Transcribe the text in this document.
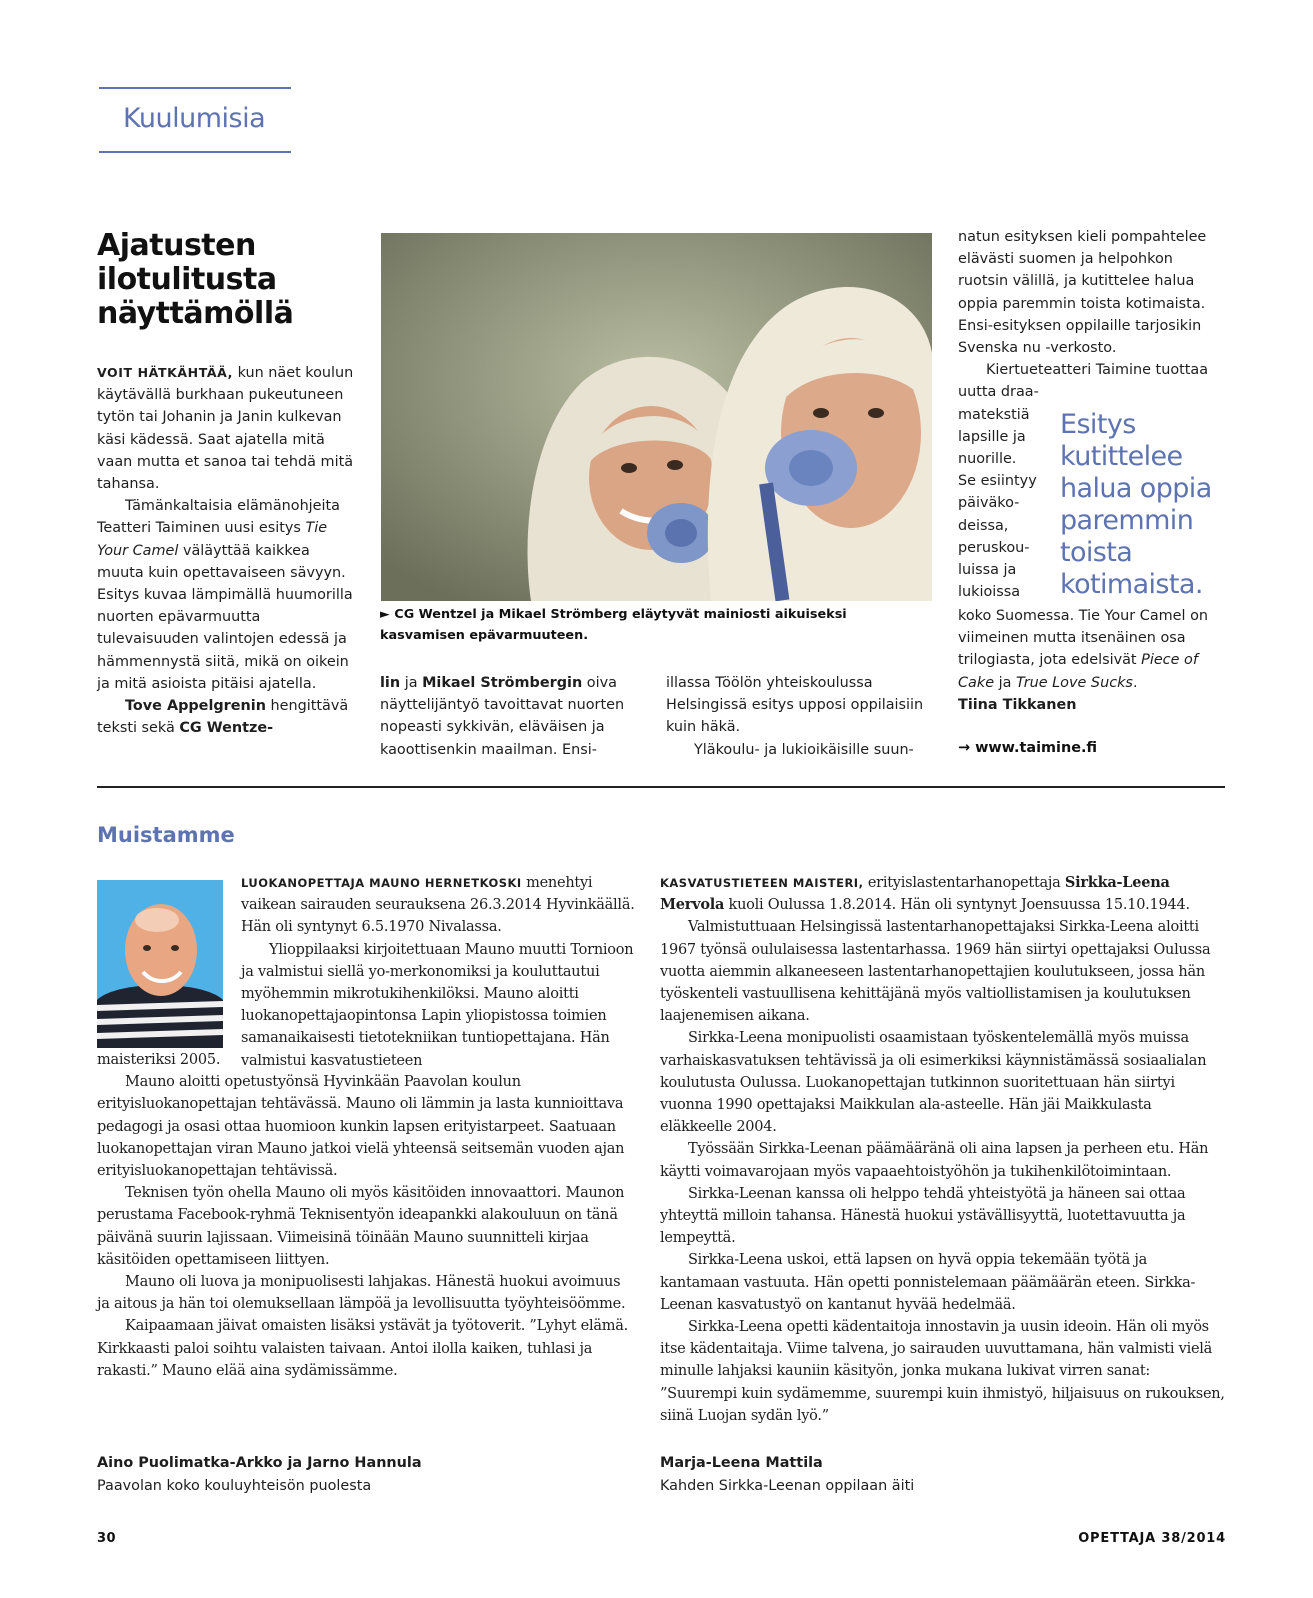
Kuulumisia
Ajatusten ilotulitusta näyttämöllä

VOIT HÄTKÄHTÄÄ, kun näet koulun käytävällä burkhaan pukeutuneen tytön tai Johanin ja Janin kulkevan käsi kädessä. Saat ajatella mitä vaan mutta et sanoa tai tehdä mitä tahansa.

Tämänkaltaisia elämänohjeita Teatteri Taiminen uusi esitys Tie Your Camel väläyttää kaikkea muuta kuin opettavaiseen sävyyn. Esitys kuvaa lämpimällä huumorilla nuorten epävarmuutta tulevaisuuden valintojen edessä ja hämmennystä siitä, mikä on oikein ja mitä asioista pitäisi ajatella.

Tove Appelgrenin hengittävä teksti sekä CG Wentze-

► CG Wentzel ja Mikael Strömberg eläytyvät mainiosti aikuiseksi kasvamisen epävarmuuteen.

lin ja Mikael Strömbergin oiva näyttelijäntyö tavoittavat nuorten nopeasti sykkivän, eläväisen ja kaoottisenkin maailman. Ensi-

illassa Töölön yhteiskoulussa Helsingissä esitys upposi oppilaisiin kuin häkä.

Yläkoulu- ja lukioikäisille suun-

natun esityksen kieli pompahtelee elävästi suomen ja helpohkon ruotsin välillä, ja kutittelee halua oppia paremmin toista kotimaista. Ensi-esityksen oppilaille tarjosikin Svenska nu -verkosto.

Kiertueteatteri Taimine tuottaa

uutta draa-
matekstiä
lapsille ja
nuorille.
Se esiintyy
päiväko-
deissa,
peruskou-
luissa ja
lukioissa
Esitys kutittelee halua oppia paremmin toista kotimaista.

koko Suomessa. Tie Your Camel on viimeinen mutta itsenäinen osa trilogiasta, jota edelsivät Piece of Cake ja True Love Sucks.

Tiina Tikkanen

→ www.taimine.fi
Muistamme

LUOKANOPETTAJA MAUNO HERNETKOSKI menehtyi vaikean sairauden seurauksena 26.3.2014 Hyvinkäällä. Hän oli syntynyt 6.5.1970 Nivalassa.

Ylioppilaaksi kirjoitettuaan Mauno muutti Tornioon ja valmistui siellä yo-merkonomiksi ja kouluttautui myöhemmin mikrotukihenkilöksi. Mauno aloitti luokanopettajaopintonsa Lapin yliopistossa toimien samanaikaisesti tietotekniikan tuntiopettajana. Hän valmistui kasvatustieteen

maisteriksi 2005.

Mauno aloitti opetustyönsä Hyvinkään Paavolan koulun erityisluokanopettajan tehtävässä. Mauno oli lämmin ja lasta kunnioittava pedagogi ja osasi ottaa huomioon kunkin lapsen erityistarpeet. Saatuaan luokanopettajan viran Mauno jatkoi vielä yhteensä seitsemän vuoden ajan erityisluokanopettajan tehtävissä.

Teknisen työn ohella Mauno oli myös käsitöiden innovaattori. Maunon perustama Facebook-ryhmä Teknisentyön ideapankki alakouluun on tänä päivänä suurin lajissaan. Viimeisinä töinään Mauno suunnitteli kirjaa käsitöiden opettamiseen liittyen.

Mauno oli luova ja monipuolisesti lahjakas. Hänestä huokui avoimuus ja aitous ja hän toi olemuksellaan lämpöä ja levollisuutta työyhteisöömme.

Kaipaamaan jäivat omaisten lisäksi ystävät ja työtoverit. ”Lyhyt elämä. Kirkkaasti paloi soihtu valaisten taivaan. Antoi ilolla kaiken, tuhlasi ja rakasti.” Mauno elää aina sydämissämme.

KASVATUSTIETEEN MAISTERI, erityislastentarhanopettaja Sirkka-Leena Mervola kuoli Oulussa 1.8.2014. Hän oli syntynyt Joensuussa 15.10.1944.

Valmistuttuaan Helsingissä lastentarhanopettajaksi Sirkka-Leena aloitti 1967 työnsä oululaisessa lastentarhassa. 1969 hän siirtyi opettajaksi Oulussa vuotta aiemmin alkaneeseen lastentarhanopettajien koulutukseen, jossa hän työskenteli vastuullisena kehittäjänä myös valtiollistamisen ja koulutuksen laajenemisen aikana.

Sirkka-Leena monipuolisti osaamistaan työskentelemällä myös muissa varhaiskasvatuksen tehtävissä ja oli esimerkiksi käynnistämässä sosiaalialan koulutusta Oulussa. Luokanopettajan tutkinnon suoritettuaan hän siirtyi vuonna 1990 opettajaksi Maikkulan ala-asteelle. Hän jäi Maikkulasta eläkkeelle 2004.

Työssään Sirkka-Leenan päämääränä oli aina lapsen ja perheen etu. Hän käytti voimavarojaan myös vapaaehtoistyöhön ja tukihenkilötoimintaan.

Sirkka-Leenan kanssa oli helppo tehdä yhteistyötä ja häneen sai ottaa yhteyttä milloin tahansa. Hänestä huokui ystävällisyyttä, luotettavuutta ja lempeyttä.

Sirkka-Leena uskoi, että lapsen on hyvä oppia tekemään työtä ja kantamaan vastuuta. Hän opetti ponnistelemaan päämäärän eteen. Sirkka-Leenan kasvatustyö on kantanut hyvää hedelmää.

Sirkka-Leena opetti kädentaitoja innostavin ja uusin ideoin. Hän oli myös itse kädentaitaja. Viime talvena, jo sairauden uuvuttamana, hän valmisti vielä minulle lahjaksi kauniin käsityön, jonka mukana lukivat virren sanat: ”Suurempi kuin sydämemme, suurempi kuin ihmistyö, hiljaisuus on rukouksen, siinä Luojan sydän lyö.”

Aino Puolimatka-Arkko ja Jarno Hannula
Paavolan koko kouluyhteisön puolesta
Marja-Leena Mattila
Kahden Sirkka-Leenan oppilaan äiti
30	OPETTAJA 38/2014
